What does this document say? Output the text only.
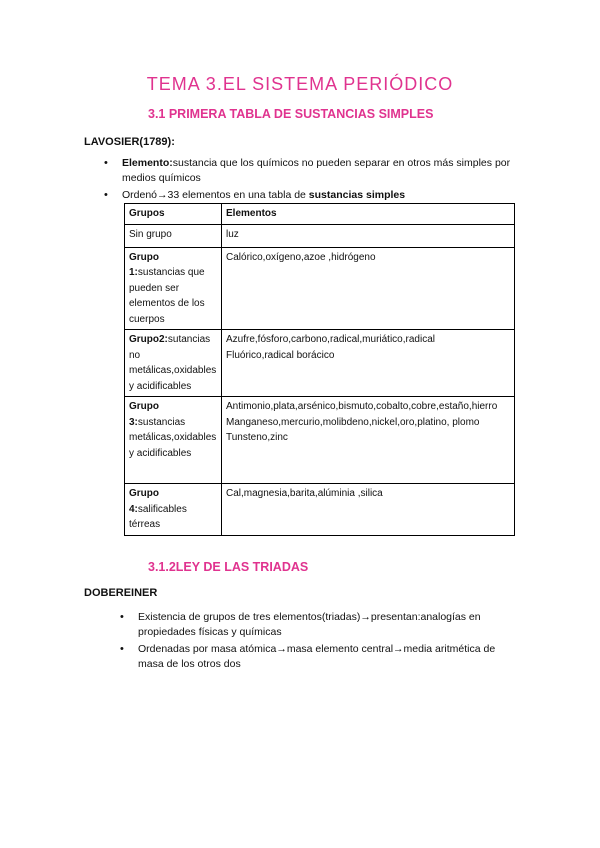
TEMA 3.EL SISTEMA PERIÓDICO
3.1 PRIMERA TABLA DE SUSTANCIAS SIMPLES
LAVOSIER(1789):
• Elemento:sustancia que los químicos no pueden separar en otros más simples por medios químicos
• Ordenó→33 elementos en una tabla de sustancias simples
Grupos	Elementos
Sin grupo	luz

Grupo 1:sustancias que pueden ser elementos de los cuerpos	Calórico,oxígeno,azoe ,hidrógeno

Grupo2:sutancias no metálicas,oxidables y acidificables	Azufre,fósforo,carbono,radical,muriático,radical
Fluórico,radical borácico

Grupo 3:sustancias metálicas,oxidables y acidificables	Antimonio,plata,arsénico,bismuto,cobalto,cobre,estaño,hierro
Manganeso,mercurio,molibdeno,nickel,oro,platino, plomo
Tunsteno,zinc

Grupo 4:salificables térreas	Cal,magnesia,barita,alúminia ,silica
3.1.2LEY DE LAS TRIADAS
DOBEREINER
• Existencia de grupos de tres elementos(triadas)→presentan:analogías en propiedades físicas y químicas
• Ordenadas por masa atómica→masa elemento central→media aritmética de masa de los otros dos
